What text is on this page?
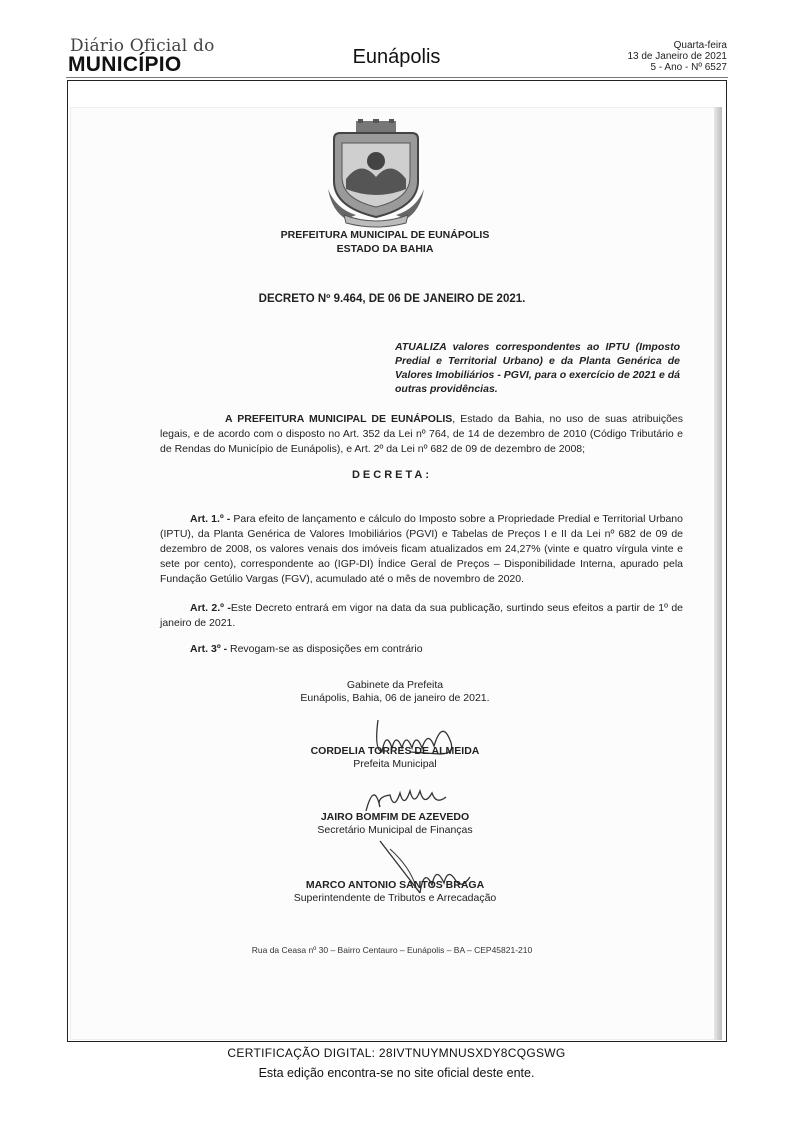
Diário Oficial do
MUNICÍPIO	Eunápolis
Quarta-feira
13 de Janeiro de 2021
5 - Ano - Nº 6527
PREFEITURA MUNICIPAL DE EUNÁPOLIS
ESTADO DA BAHIA
DECRETO Nº 9.464, DE 06 DE JANEIRO DE 2021.
ATUALIZA valores correspondentes ao IPTU (Imposto Predial e Territorial Urbano) e da Planta Genérica de Valores Imobiliários - PGVI, para o exercício de 2021 e dá outras providências.
A PREFEITURA MUNICIPAL DE EUNÁPOLIS, Estado da Bahia, no uso de suas atribuições legais, e de acordo com o disposto no Art. 352 da Lei nº 764, de 14 de dezembro de 2010 (Código Tributário e de Rendas do Município de Eunápolis), e Art. 2º da Lei nº 682 de 09 de dezembro de 2008;
DECRETA:
Art. 1.º - Para efeito de lançamento e cálculo do Imposto sobre a Propriedade Predial e Territorial Urbano (IPTU), da Planta Genérica de Valores Imobiliários (PGVI) e Tabelas de Preços I e II da Lei nº 682 de 09 de dezembro de 2008, os valores venais dos imóveis ficam atualizados em 24,27% (vinte e quatro vírgula vinte e sete por cento), correspondente ao (IGP-DI) Índice Geral de Preços – Disponibilidade Interna, apurado pela Fundação Getúlio Vargas (FGV), acumulado até o mês de novembro de 2020.
Art. 2.º -Este Decreto entrará em vigor na data da sua publicação, surtindo seus efeitos a partir de 1º de janeiro de 2021.
Art. 3º - Revogam-se as disposições em contrário
Gabinete da Prefeita
Eunápolis, Bahia, 06 de janeiro de 2021.
CORDELIA TORRES DE ALMEIDA
Prefeita Municipal
JAIRO BOMFIM DE AZEVEDO
Secretário Municipal de Finanças
MARCO ANTONIO SANTOS BRAGA
Superintendente de Tributos e Arrecadação
Rua da Ceasa nº 30 – Bairro Centauro – Eunápolis – BA – CEP45821-210
CERTIFICAÇÃO DIGITAL: 28IVTNUYMNUSXDY8CQGSWG
Esta edição encontra-se no site oficial deste ente.
